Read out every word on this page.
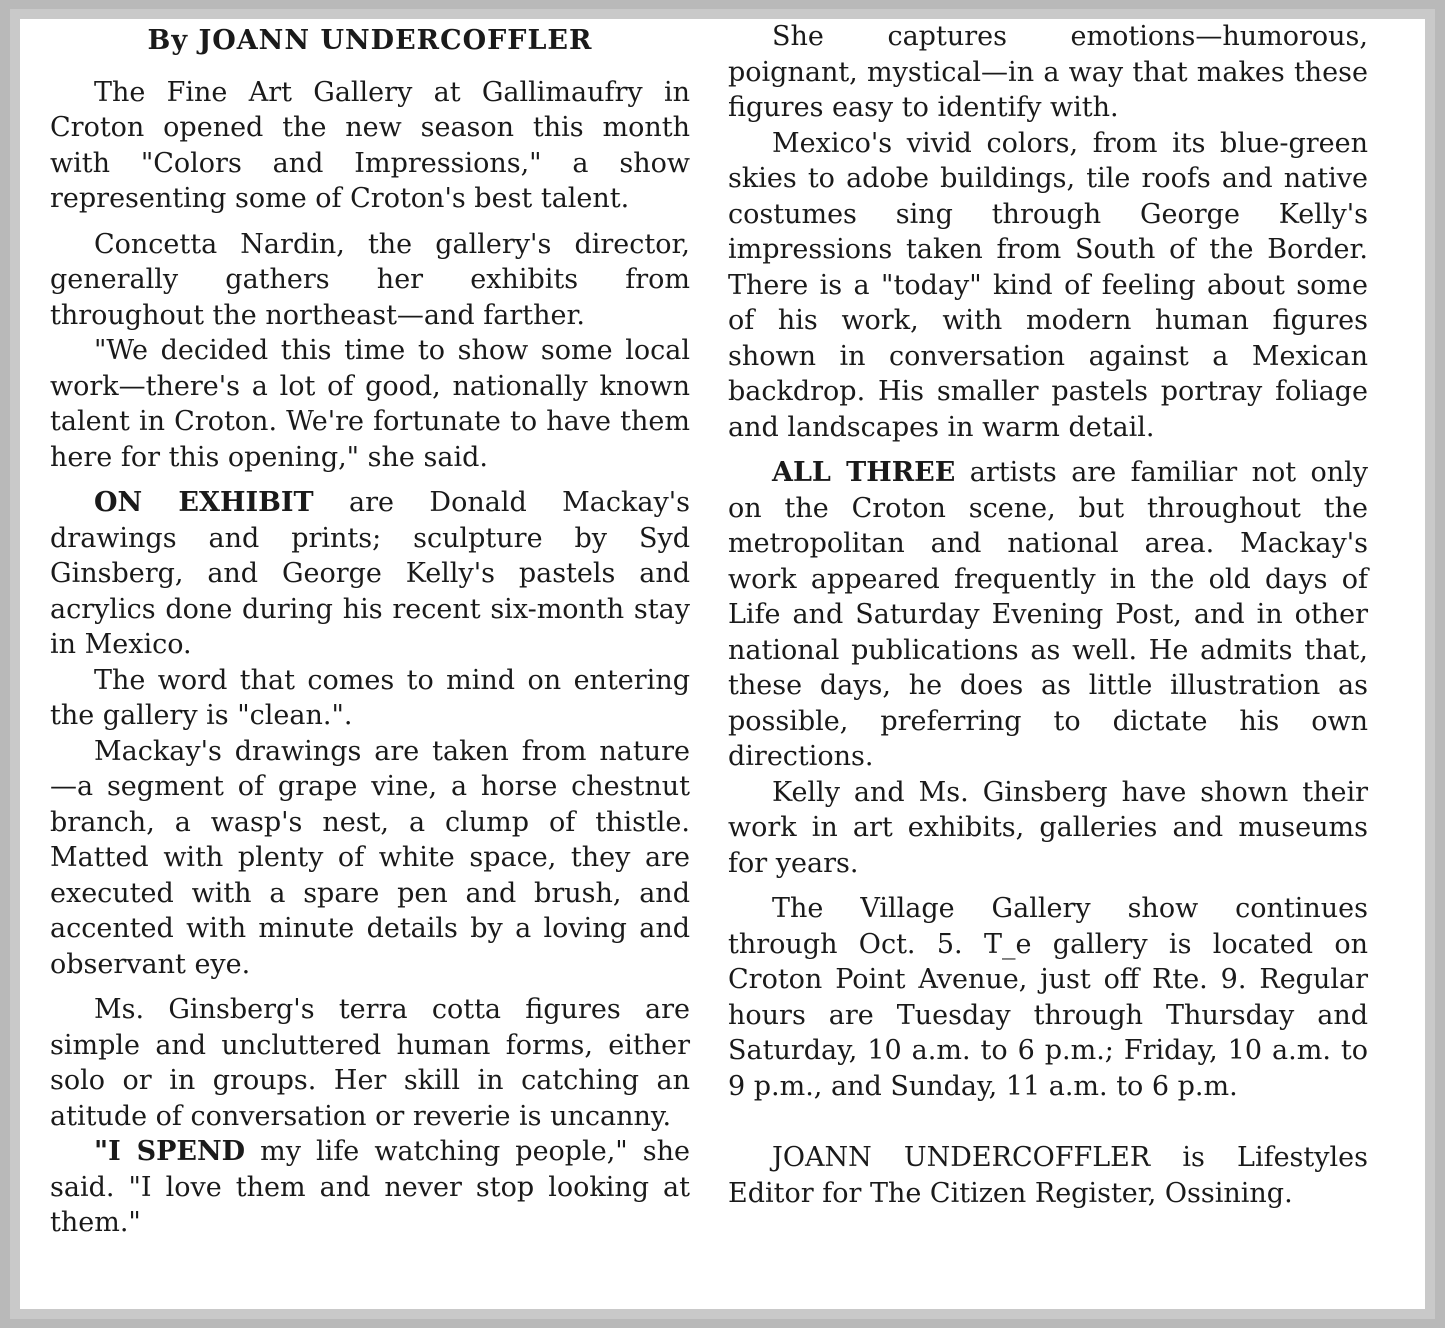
By JOANN UNDERCOFFLER

The Fine Art Gallery at Gallimaufry in Croton opened the new season this month with "Colors and Impressions," a show representing some of Croton's best talent.

Concetta Nardin, the gallery's director, generally gathers her exhibits from throughout the northeast—and farther.

"We decided this time to show some local work—there's a lot of good, nationally known talent in Croton. We're fortunate to have them here for this opening," she said.

ON EXHIBIT are Donald Mackay's drawings and prints; sculpture by Syd Ginsberg, and George Kelly's pastels and acrylics done during his recent six-month stay in Mexico.

The word that comes to mind on entering the gallery is "clean.".

Mackay's drawings are taken from nature—a segment of grape vine, a horse chestnut branch, a wasp's nest, a clump of thistle. Matted with plenty of white space, they are executed with a spare pen and brush, and accented with minute details by a loving and observant eye.

Ms. Ginsberg's terra cotta figures are simple and uncluttered human forms, either solo or in groups. Her skill in catching an atitude of conversation or reverie is uncanny.

"I SPEND my life watching people," she said. "I love them and never stop looking at them."

She captures emotions—humorous, poignant, mystical—in a way that makes these figures easy to identify with.

Mexico's vivid colors, from its blue-green skies to adobe buildings, tile roofs and native costumes sing through George Kelly's impressions taken from South of the Border. There is a "today" kind of feeling about some of his work, with modern human figures shown in conversation against a Mexican backdrop. His smaller pastels portray foliage and landscapes in warm detail.

ALL THREE artists are familiar not only on the Croton scene, but throughout the metropolitan and national area. Mackay's work appeared frequently in the old days of Life and Saturday Evening Post, and in other national publications as well. He admits that, these days, he does as little illustration as possible, preferring to dictate his own directions.

Kelly and Ms. Ginsberg have shown their work in art exhibits, galleries and museums for years.

The Village Gallery show continues through Oct. 5. T_e gallery is located on Croton Point Avenue, just off Rte. 9. Regular hours are Tuesday through Thursday and Saturday, 10 a.m. to 6 p.m.; Friday, 10 a.m. to 9 p.m., and Sunday, 11 a.m. to 6 p.m.

JOANN UNDERCOFFLER is Lifestyles Editor for The Citizen Register, Ossining.
